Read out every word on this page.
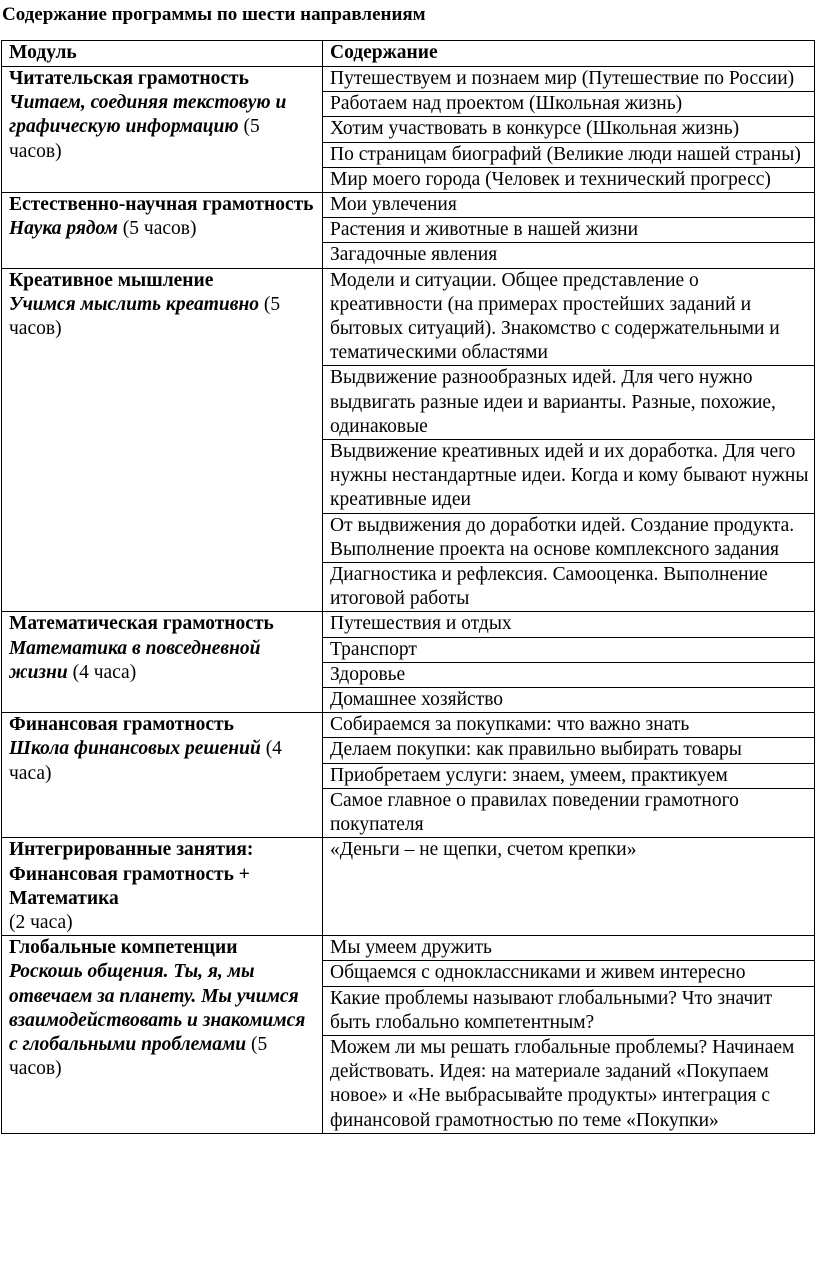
Содержание программы по шести направлениям
Модуль	Содержание

Читательская грамотность
Читаем, соединяя текстовую и графическую информацию (5 часов)	Путешествуем и познаем мир (Путешествие по России)
	Работаем над проектом (Школьная жизнь)
	Хотим участвовать в конкурсе (Школьная жизнь)
	По страницам биографий (Великие люди нашей страны)
	Мир моего города (Человек и технический прогресс)

Естественно-научная грамотность
Наука рядом (5 часов)	Мои увлечения
	Растения и животные в нашей жизни
	Загадочные явления

Креативное мышление
Учимся мыслить креативно (5 часов)	Модели и ситуации. Общее представление о креативности (на примерах простейших заданий и бытовых ситуаций). Знакомство с содержательными и тематическими областями
	Выдвижение разнообразных идей. Для чего нужно выдвигать разные идеи и варианты. Разные, похожие, одинаковые
	Выдвижение креативных идей и их доработка. Для чего нужны нестандартные идеи. Когда и кому бывают нужны креативные идеи
	От выдвижения до доработки идей. Создание продукта. Выполнение проекта на основе комплексного задания
	Диагностика и рефлексия. Самооценка. Выполнение итоговой работы

Математическая грамотность
Математика в повседневной жизни (4 часа)	Путешествия и отдых
	Транспорт
	Здоровье
	Домашнее хозяйство

Финансовая грамотность
Школа финансовых решений (4 часа)	Собираемся за покупками: что важно знать
	Делаем покупки: как правильно выбирать товары
	Приобретаем услуги: знаем, умеем, практикуем
	Самое главное о правилах поведении грамотного покупателя

Интегрированные занятия: Финансовая грамотность + Математика
(2 часа)	«Деньги – не щепки, счетом крепки»

Глобальные компетенции
Роскошь общения. Ты, я, мы отвечаем за планету. Мы учимся взаимодействовать и знакомимся с глобальными проблемами (5 часов)	Мы умеем дружить
	Общаемся с одноклассниками и живем интересно
	Какие проблемы называют глобальными? Что значит быть глобально компетентным?
	Можем ли мы решать глобальные проблемы? Начинаем действовать. Идея: на материале заданий «Покупаем новое» и «Не выбрасывайте продукты» интеграция с финансовой грамотностью по теме «Покупки»
